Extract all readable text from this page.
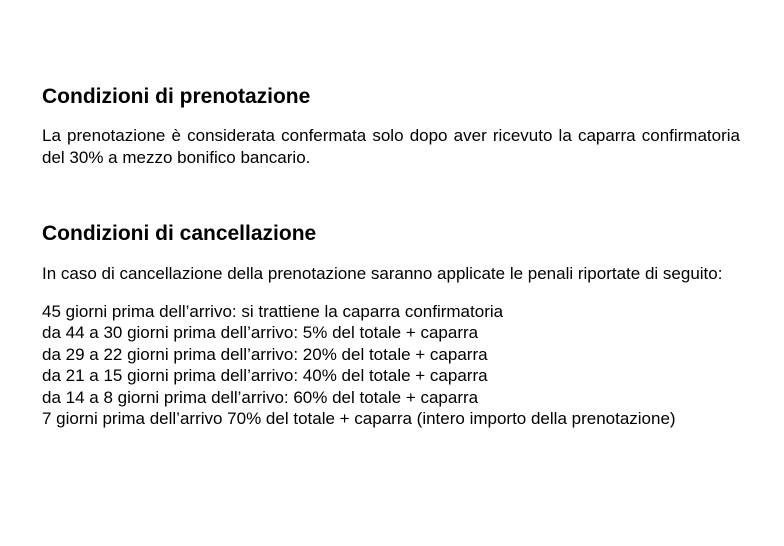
Condizioni di prenotazione

La prenotazione è considerata confermata solo dopo aver ricevuto la caparra confirmatoria del 30% a mezzo bonifico bancario.

Condizioni di cancellazione

In caso di cancellazione della prenotazione saranno applicate le penali riportate di seguito:

45 giorni prima dell’arrivo: si trattiene la caparra confirmatoria
da 44 a 30 giorni prima dell’arrivo: 5% del totale + caparra
da 29 a 22 giorni prima dell’arrivo: 20% del totale + caparra
da 21 a 15 giorni prima dell’arrivo: 40% del totale + caparra
da 14 a 8 giorni prima dell’arrivo: 60% del totale + caparra
7 giorni prima dell’arrivo 70% del totale + caparra (intero importo della prenotazione)
